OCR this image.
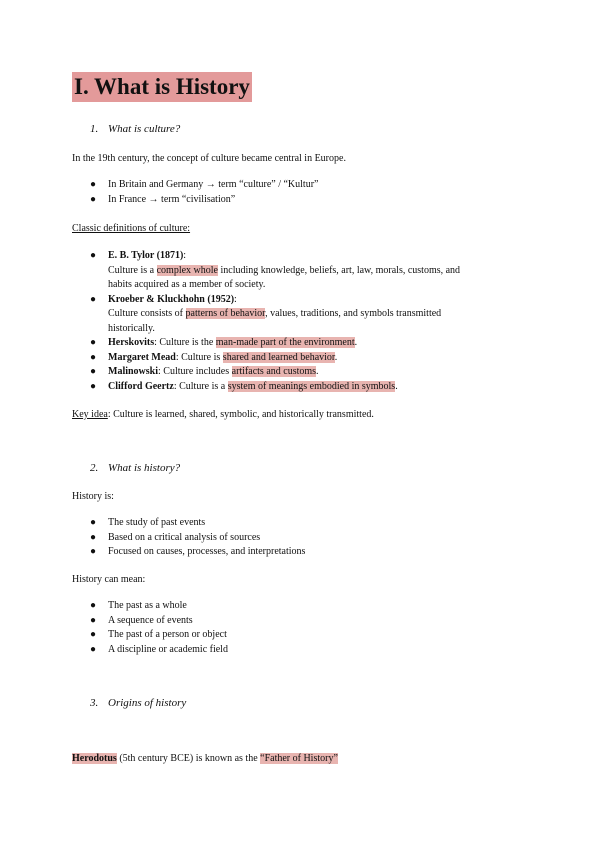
I. What is History
1. What is culture?
In the 19th century, the concept of culture became central in Europe.
● In Britain and Germany → term “culture” / “Kultur”
● In France → term “civilisation”
Classic definitions of culture:
● E. B. Tylor (1871):
Culture is a complex whole including knowledge, beliefs, art, law, morals, customs, and
habits acquired as a member of society.
● Kroeber & Kluckhohn (1952):
Culture consists of patterns of behavior, values, traditions, and symbols transmitted
historically.
● Herskovits: Culture is the man-made part of the environment.
● Margaret Mead: Culture is shared and learned behavior.
● Malinowski: Culture includes artifacts and customs.
● Clifford Geertz: Culture is a system of meanings embodied in symbols.
Key idea: Culture is learned, shared, symbolic, and historically transmitted.
2. What is history?
History is:
● The study of past events
● Based on a critical analysis of sources
● Focused on causes, processes, and interpretations
History can mean:
● The past as a whole
● A sequence of events
● The past of a person or object
● A discipline or academic field
3. Origins of history
Herodotus (5th century BCE) is known as the “Father of History”
